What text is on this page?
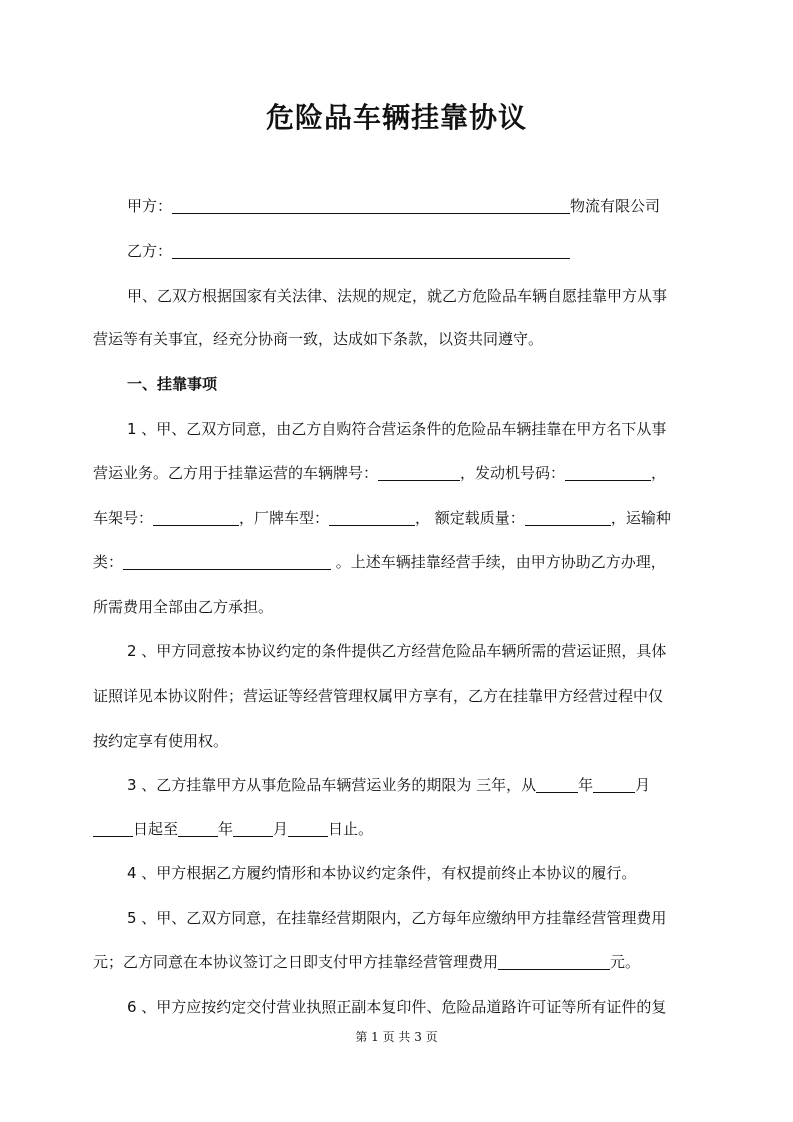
危险品车辆挂靠协议
甲方：	物流有限公司
乙方：
甲、乙双方根据国家有关法律、法规的规定，就乙方危险品车辆自愿挂靠甲方从事
营运等有关事宜，经充分协商一致，达成如下条款，以资共同遵守。
一、挂靠事项
1 、甲、乙双方同意，由乙方自购符合营运条件的危险品车辆挂靠在甲方名下从事
营运业务。乙方用于挂靠运营的车辆牌号：	，发动机号码：	，
车架号：	，厂牌车型：	， 额定载质量：	，运输种
类：	。上述车辆挂靠经营手续，由甲方协助乙方办理，
所需费用全部由乙方承担。
2 、甲方同意按本协议约定的条件提供乙方经营危险品车辆所需的营运证照，具体
证照详见本协议附件；营运证等经营管理权属甲方享有，乙方在挂靠甲方经营过程中仅
按约定享有使用权。
3 、乙方挂靠甲方从事危险品车辆营运业务的期限为 三年，从	年	月
日起至	年	月	日止。
4 、甲方根据乙方履约情形和本协议约定条件，有权提前终止本协议的履行。
5 、甲、乙双方同意，在挂靠经营期限内，乙方每年应缴纳甲方挂靠经营管理费用
元；乙方同意在本协议签订之日即支付甲方挂靠经营管理费用	元。
6 、甲方应按约定交付营业执照正副本复印件、危险品道路许可证等所有证件的复
第 1 页 共 3 页
